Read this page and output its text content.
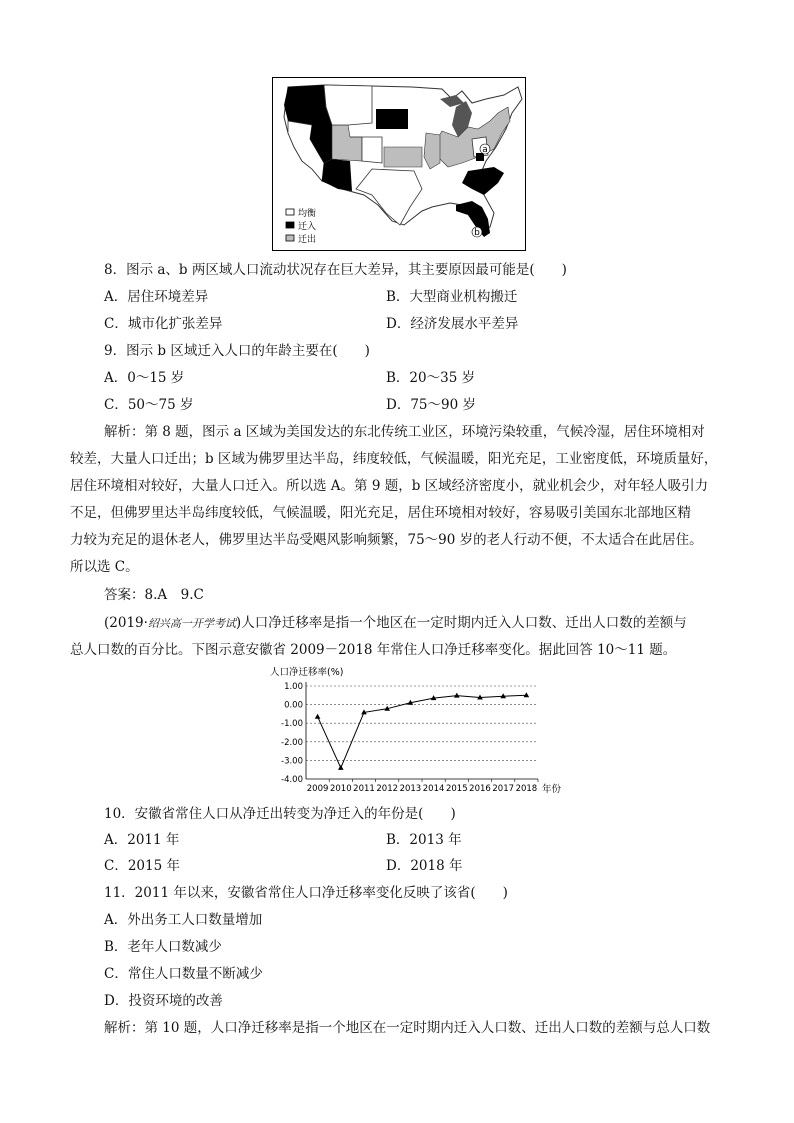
a
b
均衡
迁入
迁出
8．图示 a、b 两区域人口流动状况存在巨大差异，其主要原因最可能是(　　)
A．居住环境差异	B．大型商业机构搬迁
C．城市化扩张差异	D．经济发展水平差异
9．图示 b 区域迁入人口的年龄主要在(　　)
A．0～15 岁	B．20～35 岁
C．50～75 岁	D．75～90 岁
解析：第 8 题，图示 a 区域为美国发达的东北传统工业区，环境污染较重，气候冷湿，居住环境相对
较差，大量人口迁出；b 区域为佛罗里达半岛，纬度较低，气候温暖，阳光充足，工业密度低，环境质量好，
居住环境相对较好，大量人口迁入。所以选 A。第 9 题，b 区域经济密度小，就业机会少，对年轻人吸引力
不足，但佛罗里达半岛纬度较低，气候温暖，阳光充足，居住环境相对较好，容易吸引美国东北部地区精
力较为充足的退休老人，佛罗里达半岛受飓风影响频繁，75～90 岁的老人行动不便，不太适合在此居住。
所以选 C。
答案：8.A　9.C
(2019·绍兴高一开学考试)人口净迁移率是指一个地区在一定时期内迁入人口数、迁出人口数的差额与
总人口数的百分比。下图示意安徽省 2009－2018 年常住人口净迁移率变化。据此回答 10～11 题。
人口净迁移率(%)
年份
1.00
0.00
-1.00
-2.00
-3.00
-4.00
2009 2010 2011 2012 2013 2014 2015 2016 2017 2018
10．安徽省常住人口从净迁出转变为净迁入的年份是(　　)
A．2011 年	B．2013 年
C．2015 年	D．2018 年
11．2011 年以来，安徽省常住人口净迁移率变化反映了该省(　　)
A．外出务工人口数量增加
B．老年人口数减少
C．常住人口数量不断减少
D．投资环境的改善
解析：第 10 题，人口净迁移率是指一个地区在一定时期内迁入人口数、迁出人口数的差额与总人口数
